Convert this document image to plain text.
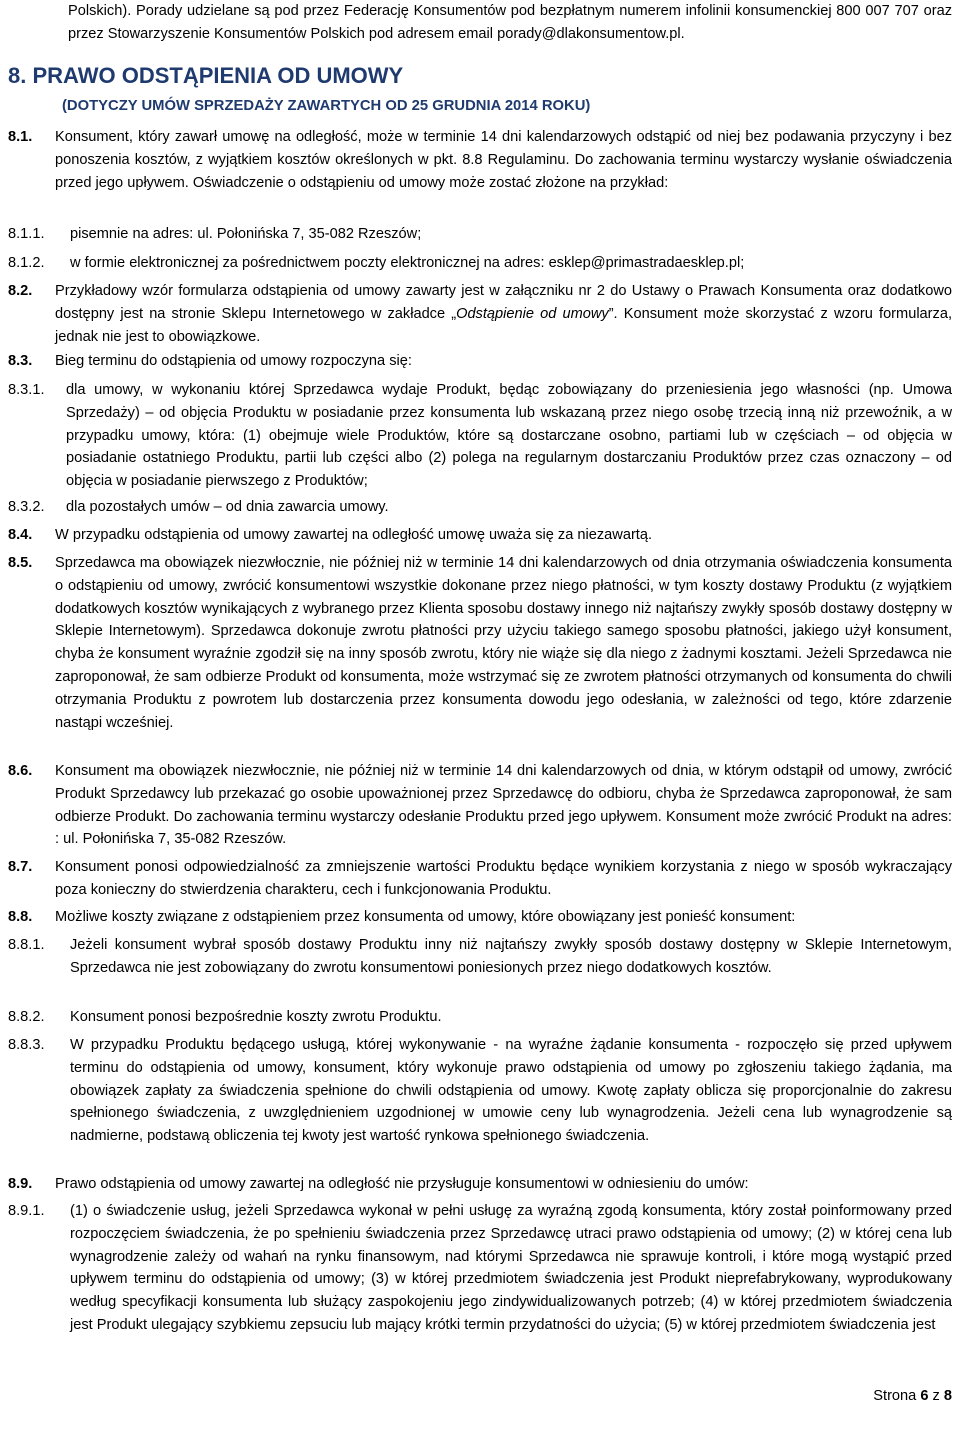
Polskich). Porady udzielane są pod przez Federację Konsumentów pod bezpłatnym numerem infolinii konsumenckiej 800 007 707 oraz przez Stowarzyszenie Konsumentów Polskich pod adresem email porady@dlakonsumentow.pl.
8. PRAWO ODSTĄPIENIA OD UMOWY
(DOTYCZY UMÓW SPRZEDAŻY ZAWARTYCH OD 25 GRUDNIA 2014 ROKU)
8.1. Konsument, który zawarł umowę na odległość, może w terminie 14 dni kalendarzowych odstąpić od niej bez podawania przyczyny i bez ponoszenia kosztów, z wyjątkiem kosztów określonych w pkt. 8.8 Regulaminu. Do zachowania terminu wystarczy wysłanie oświadczenia przed jego upływem. Oświadczenie o odstąpieniu od umowy może zostać złożone na przykład:
8.1.1. pisemnie na adres: ul. Połonińska 7, 35-082 Rzeszów;
8.1.2. w formie elektronicznej za pośrednictwem poczty elektronicznej na adres: esklep@primastradaesklep.pl;
8.2. Przykładowy wzór formularza odstąpienia od umowy zawarty jest w załączniku nr 2 do Ustawy o Prawach Konsumenta oraz dodatkowo dostępny jest na stronie Sklepu Internetowego w zakładce „Odstąpienie od umowy”. Konsument może skorzystać z wzoru formularza, jednak nie jest to obowiązkowe.
8.3. Bieg terminu do odstąpienia od umowy rozpoczyna się:
8.3.1. dla umowy, w wykonaniu której Sprzedawca wydaje Produkt, będąc zobowiązany do przeniesienia jego własności (np. Umowa Sprzedaży) – od objęcia Produktu w posiadanie przez konsumenta lub wskazaną przez niego osobę trzecią inną niż przewoźnik, a w przypadku umowy, która: (1) obejmuje wiele Produktów, które są dostarczane osobno, partiami lub w częściach – od objęcia w posiadanie ostatniego Produktu, partii lub części albo (2) polega na regularnym dostarczaniu Produktów przez czas oznaczony – od objęcia w posiadanie pierwszego z Produktów;
8.3.2. dla pozostałych umów – od dnia zawarcia umowy.
8.4. W przypadku odstąpienia od umowy zawartej na odległość umowę uważa się za niezawartą.
8.5. Sprzedawca ma obowiązek niezwłocznie, nie później niż w terminie 14 dni kalendarzowych od dnia otrzymania oświadczenia konsumenta o odstąpieniu od umowy, zwrócić konsumentowi wszystkie dokonane przez niego płatności, w tym koszty dostawy Produktu (z wyjątkiem dodatkowych kosztów wynikających z wybranego przez Klienta sposobu dostawy innego niż najtańszy zwykły sposób dostawy dostępny w Sklepie Internetowym). Sprzedawca dokonuje zwrotu płatności przy użyciu takiego samego sposobu płatności, jakiego użył konsument, chyba że konsument wyraźnie zgodził się na inny sposób zwrotu, który nie wiąże się dla niego z żadnymi kosztami. Jeżeli Sprzedawca nie zaproponował, że sam odbierze Produkt od konsumenta, może wstrzymać się ze zwrotem płatności otrzymanych od konsumenta do chwili otrzymania Produktu z powrotem lub dostarczenia przez konsumenta dowodu jego odesłania, w zależności od tego, które zdarzenie nastąpi wcześniej.
8.6. Konsument ma obowiązek niezwłocznie, nie później niż w terminie 14 dni kalendarzowych od dnia, w którym odstąpił od umowy, zwrócić Produkt Sprzedawcy lub przekazać go osobie upoważnionej przez Sprzedawcę do odbioru, chyba że Sprzedawca zaproponował, że sam odbierze Produkt. Do zachowania terminu wystarczy odesłanie Produktu przed jego upływem. Konsument może zwrócić Produkt na adres: : ul. Połonińska 7, 35-082 Rzeszów.
8.7. Konsument ponosi odpowiedzialność za zmniejszenie wartości Produktu będące wynikiem korzystania z niego w sposób wykraczający poza konieczny do stwierdzenia charakteru, cech i funkcjonowania Produktu.
8.8. Możliwe koszty związane z odstąpieniem przez konsumenta od umowy, które obowiązany jest ponieść konsument:
8.8.1. Jeżeli konsument wybrał sposób dostawy Produktu inny niż najtańszy zwykły sposób dostawy dostępny w Sklepie Internetowym, Sprzedawca nie jest zobowiązany do zwrotu konsumentowi poniesionych przez niego dodatkowych kosztów.
8.8.2. Konsument ponosi bezpośrednie koszty zwrotu Produktu.
8.8.3. W przypadku Produktu będącego usługą, której wykonywanie - na wyraźne żądanie konsumenta - rozpoczęło się przed upływem terminu do odstąpienia od umowy, konsument, który wykonuje prawo odstąpienia od umowy po zgłoszeniu takiego żądania, ma obowiązek zapłaty za świadczenia spełnione do chwili odstąpienia od umowy. Kwotę zapłaty oblicza się proporcjonalnie do zakresu spełnionego świadczenia, z uwzględnieniem uzgodnionej w umowie ceny lub wynagrodzenia. Jeżeli cena lub wynagrodzenie są nadmierne, podstawą obliczenia tej kwoty jest wartość rynkowa spełnionego świadczenia.
8.9. Prawo odstąpienia od umowy zawartej na odległość nie przysługuje konsumentowi w odniesieniu do umów:
8.9.1. (1) o świadczenie usług, jeżeli Sprzedawca wykonał w pełni usługę za wyraźną zgodą konsumenta, który został poinformowany przed rozpoczęciem świadczenia, że po spełnieniu świadczenia przez Sprzedawcę utraci prawo odstąpienia od umowy; (2) w której cena lub wynagrodzenie zależy od wahań na rynku finansowym, nad którymi Sprzedawca nie sprawuje kontroli, i które mogą wystąpić przed upływem terminu do odstąpienia od umowy; (3) w której przedmiotem świadczenia jest Produkt nieprefabrykowany, wyprodukowany według specyfikacji konsumenta lub służący zaspokojeniu jego zindywidualizowanych potrzeb; (4) w której przedmiotem świadczenia jest Produkt ulegający szybkiemu zepsuciu lub mający krótki termin przydatności do użycia; (5) w której przedmiotem świadczenia jest
Strona 6 z 8
